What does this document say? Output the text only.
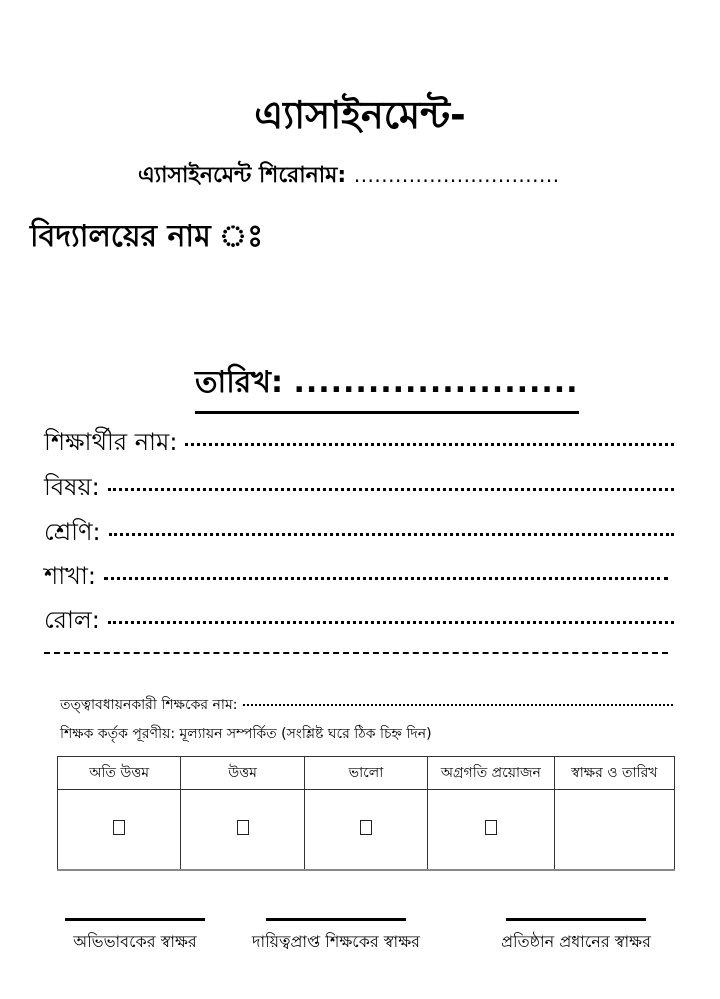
এ্যাসাইনমেন্ট-
এ্যাসাইনমেন্ট শিরোনাম: ..............................
বিদ্যালয়ের নাম ঃ
তারিখ: .......................
শিক্ষার্থীর নাম:
বিষয়:
শ্রেণি:
শাখা:
রোল:
তত্ত্বাবধায়নকারী শিক্ষকের নাম:
শিক্ষক কর্তৃক পূরণীয়: মূল্যায়ন সম্পর্কিত (সংশ্লিষ্ট ঘরে ঠিক চিহ্ন দিন)
অতি উত্তম	উত্তম	ভালো	অগ্রগতি প্রয়োজন	স্বাক্ষর ও তারিখ

অভিভাবকের স্বাক্ষর	দায়িত্বপ্রাপ্ত শিক্ষকের স্বাক্ষর	প্রতিষ্ঠান প্রধানের স্বাক্ষর
